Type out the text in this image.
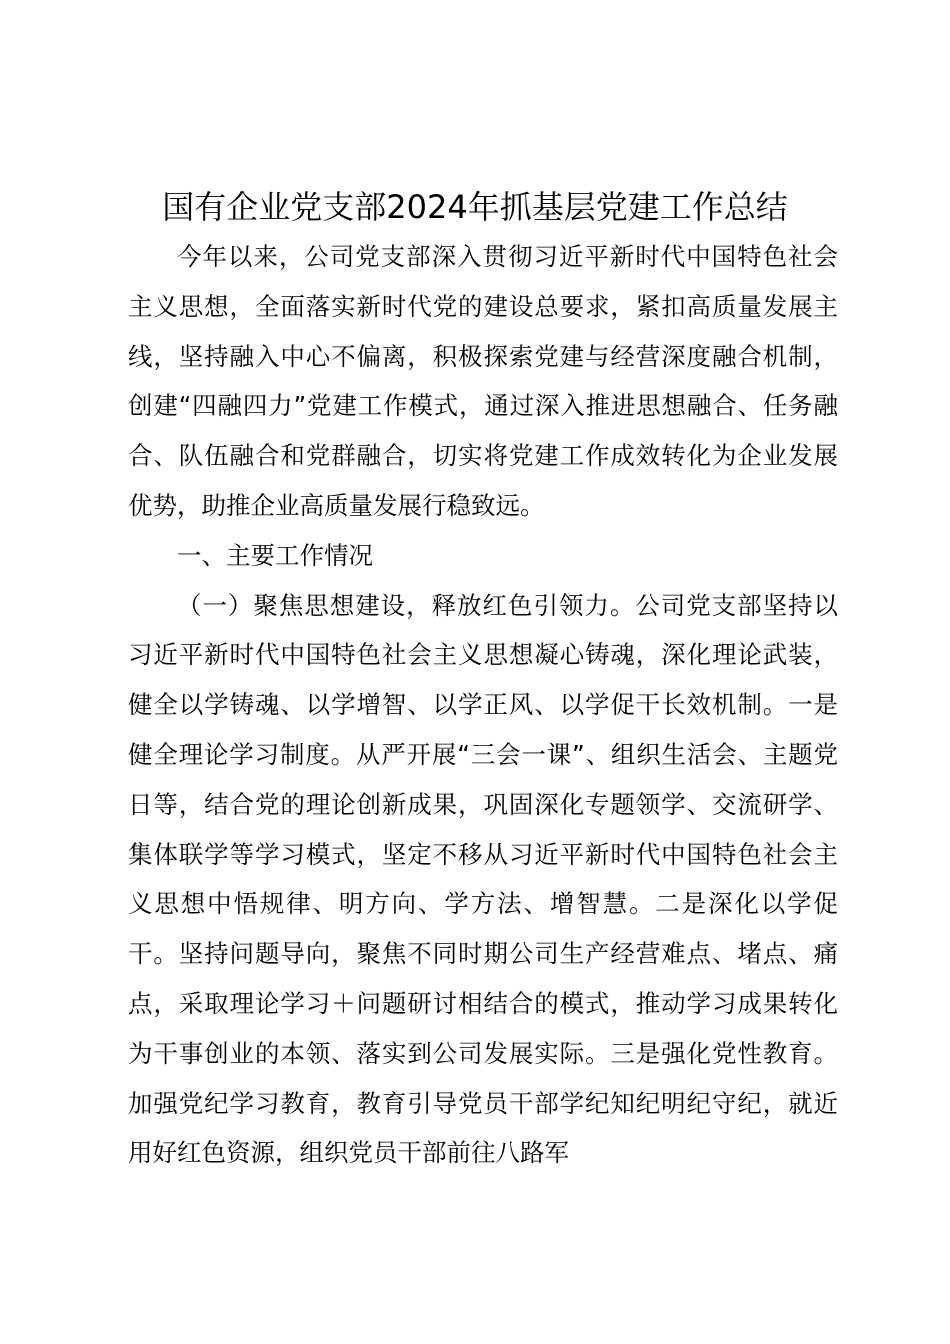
国有企业党支部2024年抓基层党建工作总结

今年以来，公司党支部深入贯彻习近平新时代中国特色社会主义思想，全面落实新时代党的建设总要求，紧扣高质量发展主线，坚持融入中心不偏离，积极探索党建与经营深度融合机制，创建“四融四力”党建工作模式，通过深入推进思想融合、任务融合、队伍融合和党群融合，切实将党建工作成效转化为企业发展优势，助推企业高质量发展行稳致远。

一、主要工作情况

（一）聚焦思想建设，释放红色引领力。公司党支部坚持以习近平新时代中国特色社会主义思想凝心铸魂，深化理论武装，健全以学铸魂、以学增智、以学正风、以学促干长效机制。一是健全理论学习制度。从严开展“三会一课”、组织生活会、主题党日等，结合党的理论创新成果，巩固深化专题领学、交流研学、集体联学等学习模式，坚定不移从习近平新时代中国特色社会主义思想中悟规律、明方向、学方法、增智慧。二是深化以学促干。坚持问题导向，聚焦不同时期公司生产经营难点、堵点、痛点，采取理论学习＋问题研讨相结合的模式，推动学习成果转化为干事创业的本领、落实到公司发展实际。三是强化党性教育。加强党纪学习教育，教育引导党员干部学纪知纪明纪守纪，就近用好红色资源，组织党员干部前往八路军
